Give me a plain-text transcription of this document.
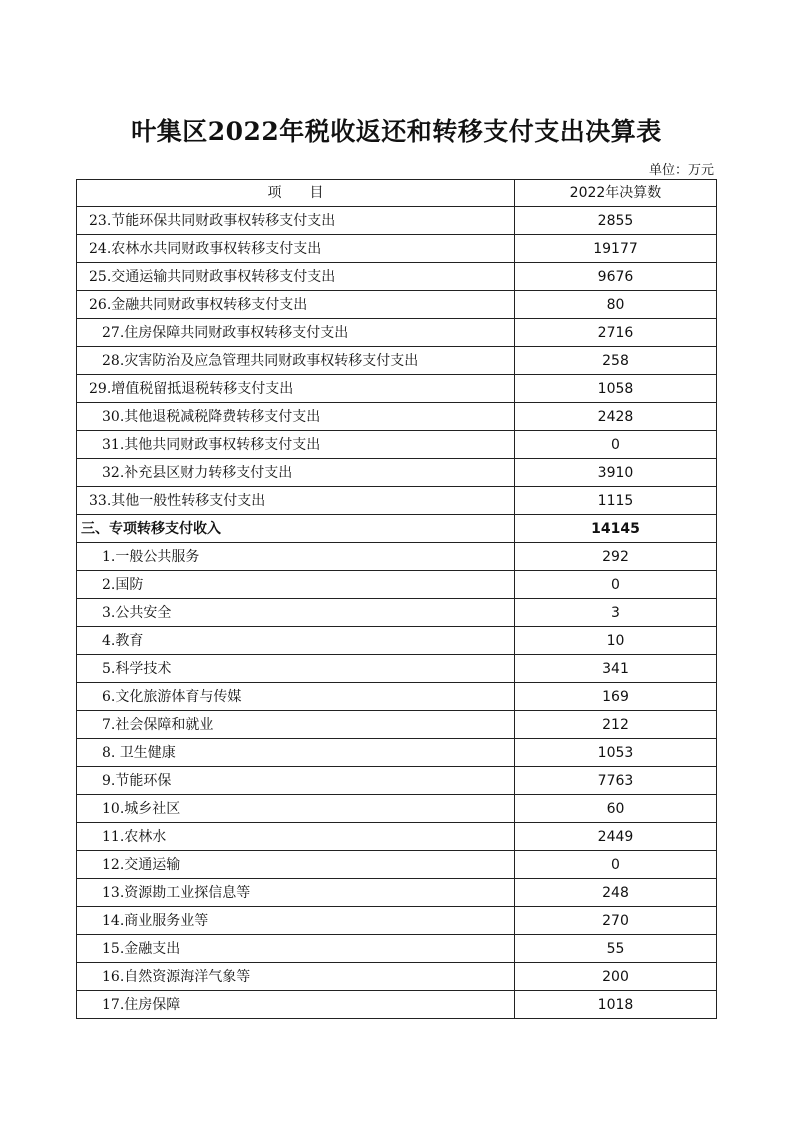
叶集区2022年税收返还和转移支付支出决算表
单位：万元
项目	2022年决算数
23.节能环保共同财政事权转移支付支出	2855
24.农林水共同财政事权转移支付支出	19177
25.交通运输共同财政事权转移支付支出	9676
26.金融共同财政事权转移支付支出	80
27.住房保障共同财政事权转移支付支出	2716
28.灾害防治及应急管理共同财政事权转移支付支出	258
29.增值税留抵退税转移支付支出	1058
30.其他退税减税降费转移支付支出	2428
31.其他共同财政事权转移支付支出	0
32.补充县区财力转移支付支出	3910
33.其他一般性转移支付支出	1115
三、专项转移支付收入	14145
1.一般公共服务	292
2.国防	0
3.公共安全	3
4.教育	10
5.科学技术	341
6.文化旅游体育与传媒	169
7.社会保障和就业	212
8. 卫生健康	1053
9.节能环保	7763
10.城乡社区	60
11.农林水	2449
12.交通运输	0
13.资源勘工业探信息等	248
14.商业服务业等	270
15.金融支出	55
16.自然资源海洋气象等	200
17.住房保障	1018
